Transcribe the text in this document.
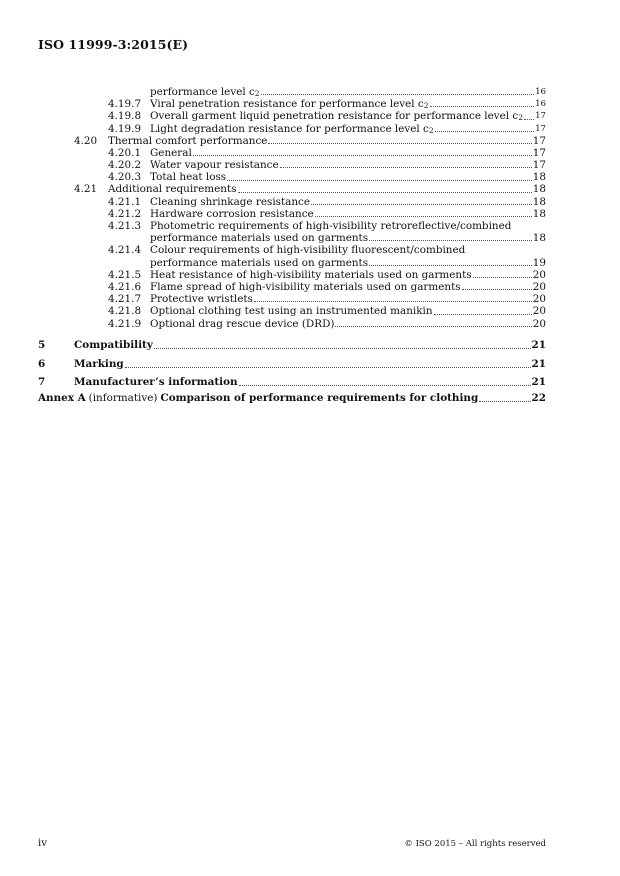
ISO 11999-3:2015(E)
performance level $c_2$	16
4.19.7 Viral penetration resistance for performance level $c_2$	16
4.19.8 Overall garment liquid penetration resistance for performance level $c_2$ 17
4.19.9 Light degradation resistance for performance level $c_2$	17
4.20	Thermal comfort performance	17
4.20.1 General	17
4.20.2 Water vapour resistance	17
4.20.3 Total heat loss	18
4.21	Additional requirements	18
4.21.1 Cleaning shrinkage resistance	18
4.21.2 Hardware corrosion resistance	18
4.21.3 Photometric requirements of high-visibility retroreflective/combined
performance materials used on garments	18
4.21.4 Colour requirements of high-visibility fluorescent/combined
performance materials used on garments	19
4.21.5 Heat resistance of high-visibility materials used on garments	20
4.21.6 Flame spread of high-visibility materials used on garments	20
4.21.7 Protective wristlets	20
4.21.8 Optional clothing test using an instrumented manikin	20
4.21.9 Optional drag rescue device (DRD)	20
5	Compatibility	21
6	Marking	21
7	Manufacturer’s information	21
Annex A (informative) Comparison of performance requirements for clothing	22
iv	© ISO 2015 – All rights reserved
